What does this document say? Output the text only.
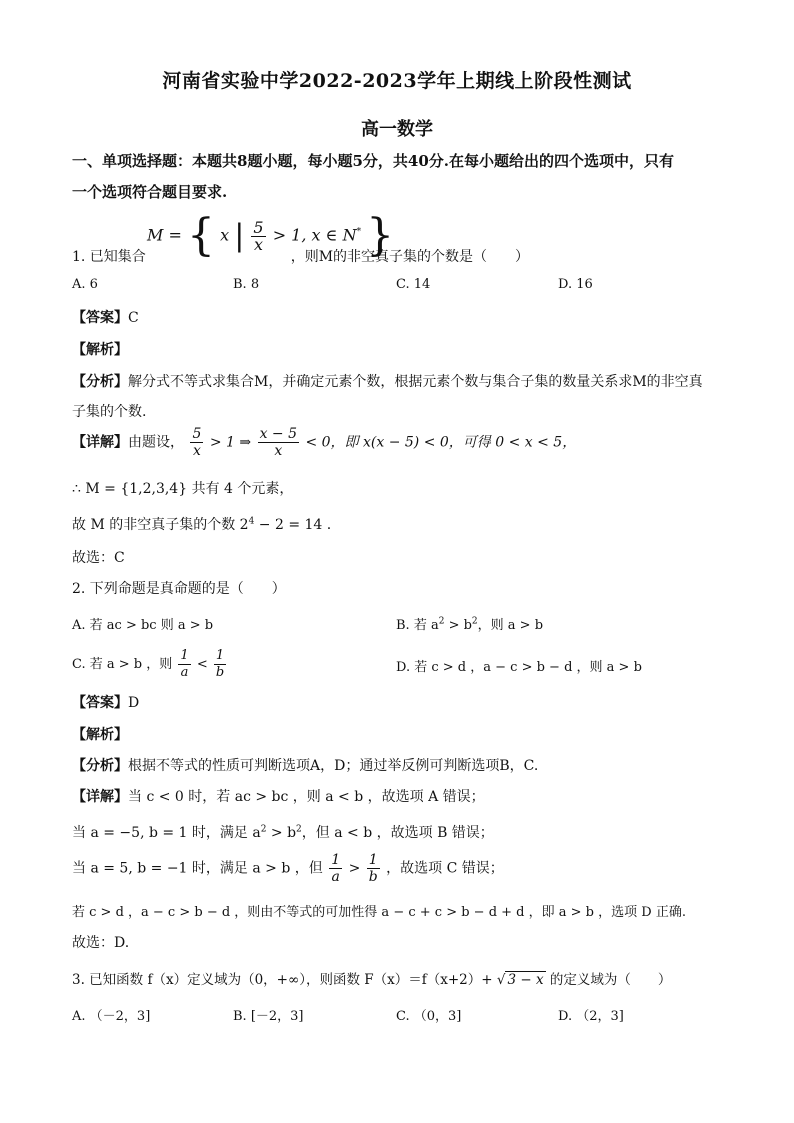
河南省实验中学2022-2023学年上期线上阶段性测试
高一数学
一、单项选择题：本题共8题小题，每小题5分，共40分.在每小题给出的四个选项中，只有
一个选项符合题目要求.
M = { x | $\frac{5}{x} > 1$, x ∈ N* }
1. 已知集合	，则M的非空真子集的个数是（　　）
A. 6	B. 8	C. 14	D. 16
【答案】C
【解析】
【分析】解分式不等式求集合M，并确定元素个数，根据元素个数与集合子集的数量关系求M的非空真
子集的个数.
【详解】由题设， $\frac{5}{x} > 1$ ⇒ $\frac{x - 5}{x} < 0$，即 x(x − 5) < 0，可得 0 < x < 5，
∴ M = {1,2,3,4} 共有 4 个元素，
故 M 的非空真子集的个数 $2^4 - 2 = 14$ .
故选：C
2. 下列命题是真命题的是（　　）
A. 若 ac > bc 则 a > b	B. 若 $a^2 > b^2$，则 a > b
C. 若 a > b ，则 $\frac{1}{a} < \frac{1}{b}$	D. 若 c > d ，a − c > b − d ，则 a > b
【答案】D
【解析】
【分析】根据不等式的性质可判断选项A，D；通过举反例可判断选项B，C.
【详解】当 c < 0 时，若 ac > bc ，则 a < b ，故选项 A 错误；
当 a = −5, b = 1 时，满足 $a^2 > b^2$，但 a < b ，故选项 B 错误；
当 a = 5, b = −1 时，满足 a > b ，但 $\frac{1}{a} > \frac{1}{b}$ ，故选项 C 错误；
若 c > d ，a − c > b − d ，则由不等式的可加性得 a − c + c > b − d + d ，即 a > b ，选项 D 正确.
故选：D.
3. 已知函数 f（x）定义域为（0，+∞），则函数 F（x）＝f（x+2）+ √ 3 − x 的定义域为（　　）
A. （－2，3]	B. [－2，3]	C. （0，3]	D. （2，3]
